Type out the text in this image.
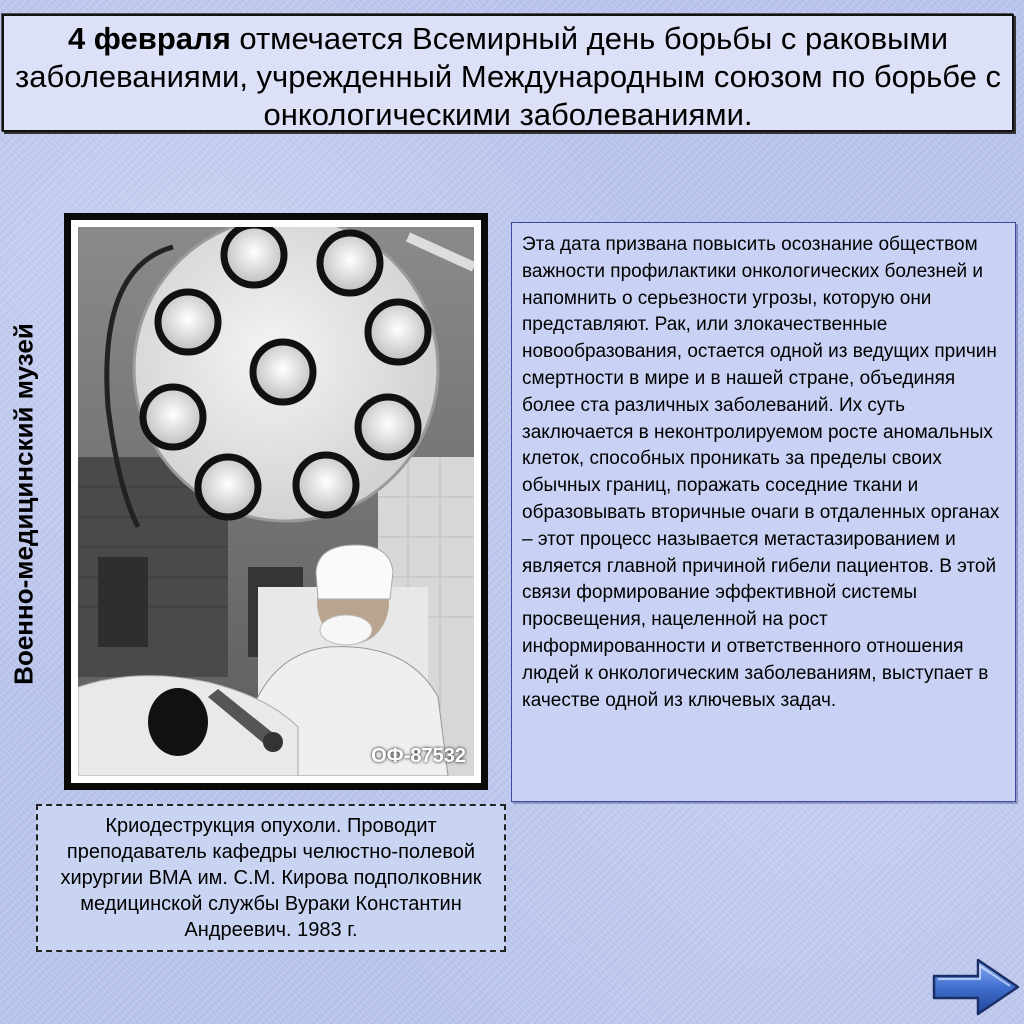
4 февраля отмечается Всемирный день борьбы с раковыми заболеваниями, учрежденный Международным союзом по борьбе с онкологическими заболеваниями.
Военно-медицинский музей
ОФ-87532
Эта дата призвана повысить осознание обществом важности профилактики онкологических болезней и напомнить о серьезности угрозы, которую они представляют. Рак, или злокачественные новообразования, остается одной из ведущих причин смертности в мире и в нашей стране, объединяя более ста различных заболеваний. Их суть заключается в неконтролируемом росте аномальных клеток, способных проникать за пределы своих обычных границ, поражать соседние ткани и образовывать вторичные очаги в отдаленных органах – этот процесс называется метастазированием и является главной причиной гибели пациентов. В этой связи формирование эффективной системы просвещения, нацеленной на рост информированности и ответственного отношения людей к онкологическим заболеваниям, выступает в качестве одной из ключевых задач.
Криодеструкция опухоли. Проводит преподаватель кафедры челюстно-полевой хирургии ВМА им. С.М. Кирова подполковник медицинской службы Вураки Константин Андреевич. 1983 г.
